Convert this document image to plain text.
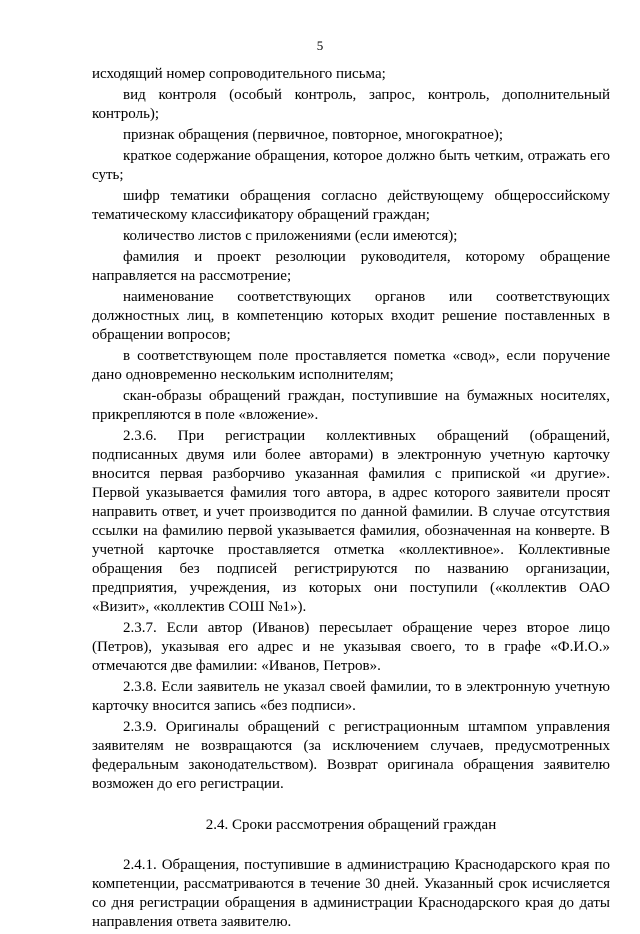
5

исходящий номер сопроводительного письма;

вид контроля (особый контроль, запрос, контроль, дополнительный контроль);

признак обращения (первичное, повторное, многократное);

краткое содержание обращения, которое должно быть четким, отражать его суть;

шифр тематики обращения согласно действующему общероссийскому тематическому классификатору обращений граждан;

количество листов с приложениями (если имеются);

фамилия и проект резолюции руководителя, которому обращение направляется на рассмотрение;

наименование соответствующих органов или соответствующих должностных лиц, в компетенцию которых входит решение поставленных в обращении вопросов;

в соответствующем поле проставляется пометка «свод», если поручение дано одновременно нескольким исполнителям;

скан-образы обращений граждан, поступившие на бумажных носителях, прикрепляются в поле «вложение».

2.3.6. При регистрации коллективных обращений (обращений, подписанных двумя или более авторами) в электронную учетную карточку вносится первая разборчиво указанная фамилия с припиской «и другие». Первой указывается фамилия того автора, в адрес которого заявители просят направить ответ, и учет производится по данной фамилии. В случае отсутствия ссылки на фамилию первой указывается фамилия, обозначенная на конверте. В учетной карточке проставляется отметка «коллективное». Коллективные обращения без подписей регистрируются по названию организации, предприятия, учреждения, из которых они поступили («коллектив ОАО «Визит», «коллектив СОШ №1»).

2.3.7. Если автор (Иванов) пересылает обращение через второе лицо (Петров), указывая его адрес и не указывая своего, то в графе «Ф.И.О.» отмечаются две фамилии: «Иванов, Петров».

2.3.8. Если заявитель не указал своей фамилии, то в электронную учетную карточку вносится запись «без подписи».

2.3.9. Оригиналы обращений с регистрационным штампом управления заявителям не возвращаются (за исключением случаев, предусмотренных федеральным законодательством). Возврат оригинала обращения заявителю возможен до его регистрации.

2.4. Сроки рассмотрения обращений граждан

2.4.1. Обращения, поступившие в администрацию Краснодарского края по компетенции, рассматриваются в течение 30 дней. Указанный срок исчисляется со дня регистрации обращения в администрации Краснодарского края до даты направления ответа заявителю.
